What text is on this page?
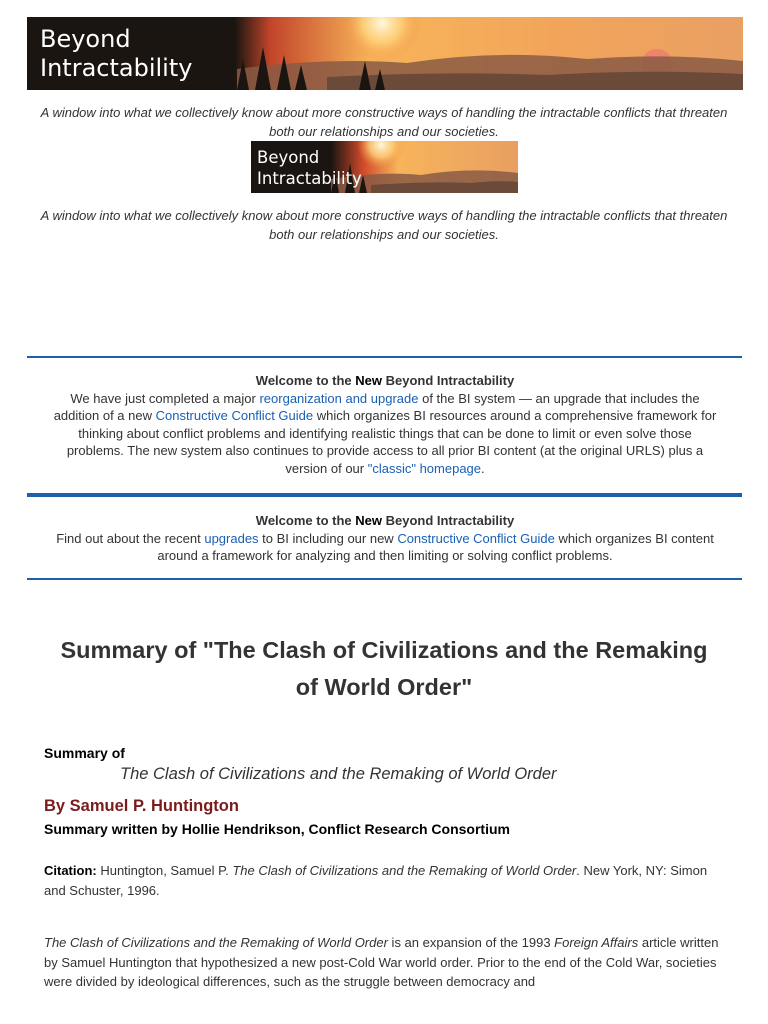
Beyond
Intractability

A window into what we collectively know about more constructive ways of handling the intractable conflicts that threaten both our relationships and our societies.

Beyond
Intractability

A window into what we collectively know about more constructive ways of handling the intractable conflicts that threaten both our relationships and our societies.

Welcome to the New Beyond Intractability
We have just completed a major reorganization and upgrade of the BI system — an upgrade that includes the addition of a new Constructive Conflict Guide which organizes BI resources around a comprehensive framework for thinking about conflict problems and identifying realistic things that can be done to limit or even solve those problems. The new system also continues to provide access to all prior BI content (at the original URLS) plus a version of our "classic" homepage.
Welcome to the New Beyond Intractability
Find out about the recent upgrades to BI including our new Constructive Conflict Guide which organizes BI content around a framework for analyzing and then limiting or solving conflict problems.
Summary of "The Clash of Civilizations and the Remaking of World Order"
Summary of
The Clash of Civilizations and the Remaking of World Order
By Samuel P. Huntington
Summary written by Hollie Hendrikson, Conflict Research Consortium

Citation: Huntington, Samuel P. The Clash of Civilizations and the Remaking of World Order. New York, NY: Simon and Schuster, 1996.

The Clash of Civilizations and the Remaking of World Order is an expansion of the 1993 Foreign Affairs article written by Samuel Huntington that hypothesized a new post-Cold War world order. Prior to the end of the Cold War, societies were divided by ideological differences, such as the struggle between democracy and
